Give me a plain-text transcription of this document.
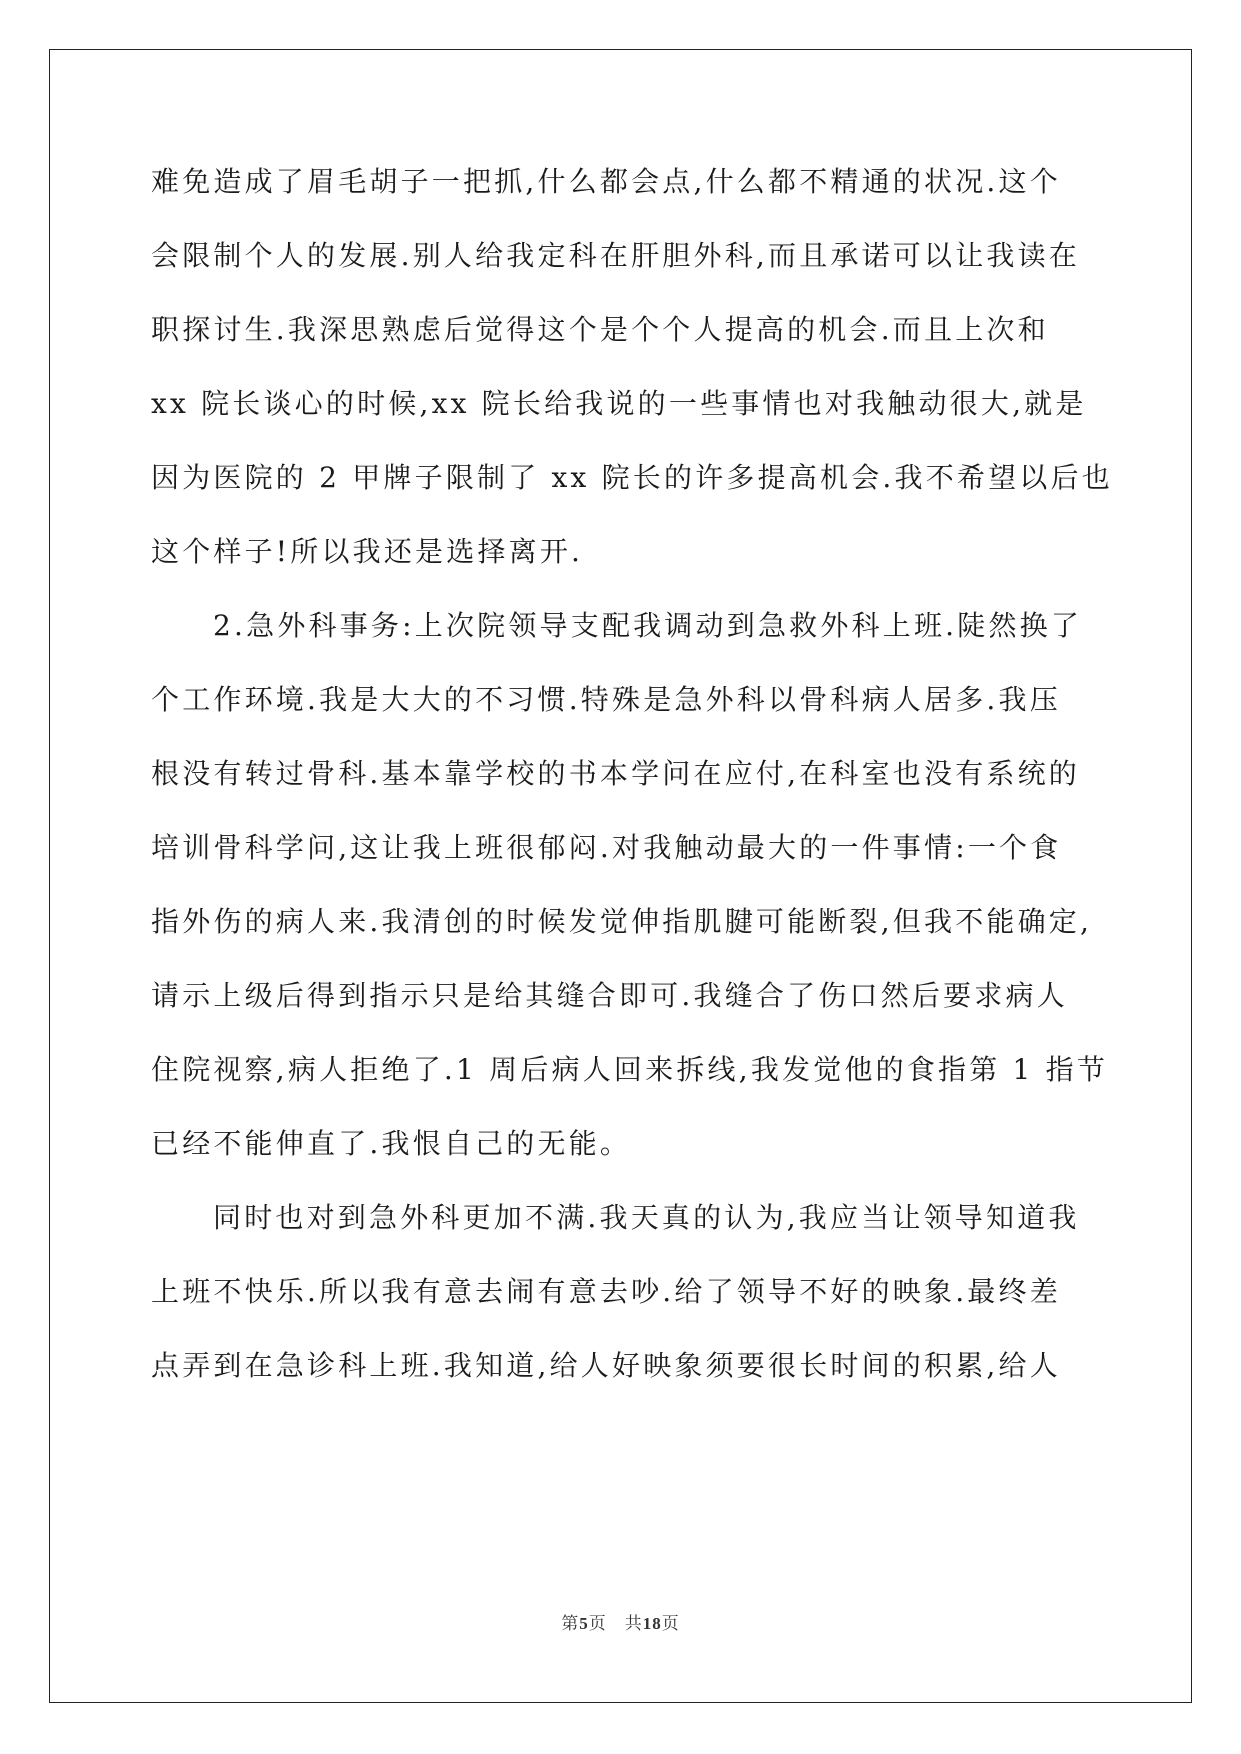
难免造成了眉毛胡子一把抓,什么都会点,什么都不精通的状况.这个
会限制个人的发展.别人给我定科在肝胆外科,而且承诺可以让我读在
职探讨生.我深思熟虑后觉得这个是个个人提高的机会.而且上次和
xx 院长谈心的时候,xx 院长给我说的一些事情也对我触动很大,就是
因为医院的 2 甲牌子限制了 xx 院长的许多提高机会.我不希望以后也
这个样子!所以我还是选择离开.
2.急外科事务:上次院领导支配我调动到急救外科上班.陡然换了
个工作环境.我是大大的不习惯.特殊是急外科以骨科病人居多.我压
根没有转过骨科.基本靠学校的书本学问在应付,在科室也没有系统的
培训骨科学问,这让我上班很郁闷.对我触动最大的一件事情:一个食
指外伤的病人来.我清创的时候发觉伸指肌腱可能断裂,但我不能确定,
请示上级后得到指示只是给其缝合即可.我缝合了伤口然后要求病人
住院视察,病人拒绝了.1 周后病人回来拆线,我发觉他的食指第 1 指节
已经不能伸直了.我恨自己的无能。
同时也对到急外科更加不满.我天真的认为,我应当让领导知道我
上班不快乐.所以我有意去闹有意去吵.给了领导不好的映象.最终差
点弄到在急诊科上班.我知道,给人好映象须要很长时间的积累,给人
第5页 共18页
